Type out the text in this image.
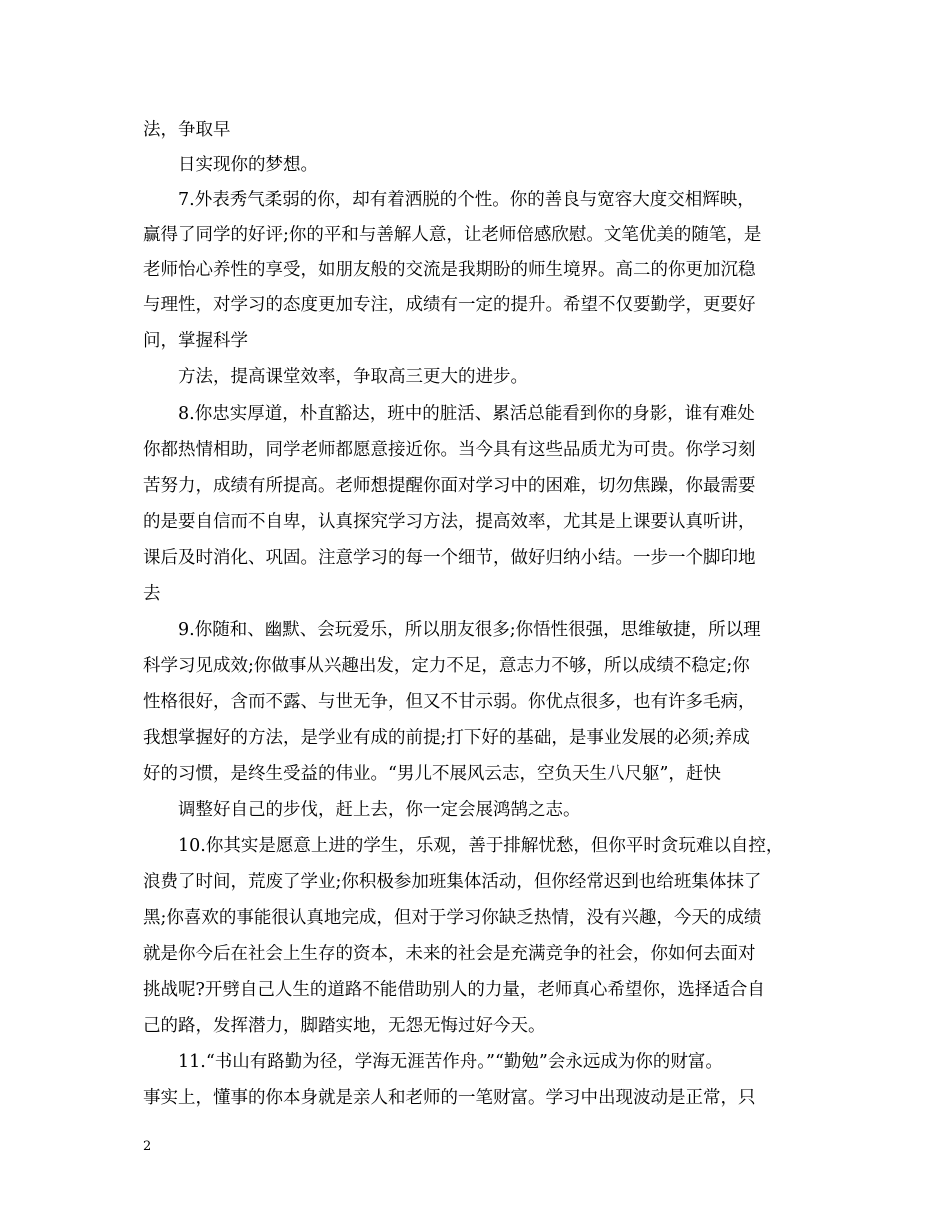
法，争取早
日实现你的梦想。
7.外表秀气柔弱的你，却有着洒脱的个性。你的善良与宽容大度交相辉映，
赢得了同学的好评;你的平和与善解人意，让老师倍感欣慰。文笔优美的随笔，是
老师怡心养性的享受，如朋友般的交流是我期盼的师生境界。高二的你更加沉稳
与理性，对学习的态度更加专注，成绩有一定的提升。希望不仅要勤学，更要好
问，掌握科学
方法，提高课堂效率，争取高三更大的进步。
8.你忠实厚道，朴直豁达，班中的脏活、累活总能看到你的身影，谁有难处
你都热情相助，同学老师都愿意接近你。当今具有这些品质尤为可贵。你学习刻
苦努力，成绩有所提高。老师想提醒你面对学习中的困难，切勿焦躁，你最需要
的是要自信而不自卑，认真探究学习方法，提高效率，尤其是上课要认真听讲，
课后及时消化、巩固。注意学习的每一个细节，做好归纳小结。一步一个脚印地
去
9.你随和、幽默、会玩爱乐，所以朋友很多;你悟性很强，思维敏捷，所以理
科学习见成效;你做事从兴趣出发，定力不足，意志力不够，所以成绩不稳定;你
性格很好，含而不露、与世无争，但又不甘示弱。你优点很多，也有许多毛病，
我想掌握好的方法，是学业有成的前提;打下好的基础，是事业发展的必须;养成
好的习惯，是终生受益的伟业。“男儿不展风云志，空负天生八尺躯”，赶快
调整好自己的步伐，赶上去，你一定会展鸿鹄之志。
10.你其实是愿意上进的学生，乐观，善于排解忧愁，但你平时贪玩难以自控，
浪费了时间，荒废了学业;你积极参加班集体活动，但你经常迟到也给班集体抹了
黑;你喜欢的事能很认真地完成，但对于学习你缺乏热情，没有兴趣，今天的成绩
就是你今后在社会上生存的资本，未来的社会是充满竞争的社会，你如何去面对
挑战呢?开劈自己人生的道路不能借助别人的力量，老师真心希望你，选择适合自
己的路，发挥潜力，脚踏实地，无怨无悔过好今天。
11.“书山有路勤为径，学海无涯苦作舟。”“勤勉”会永远成为你的财富。
事实上，懂事的你本身就是亲人和老师的一笔财富。学习中出现波动是正常，只
2
